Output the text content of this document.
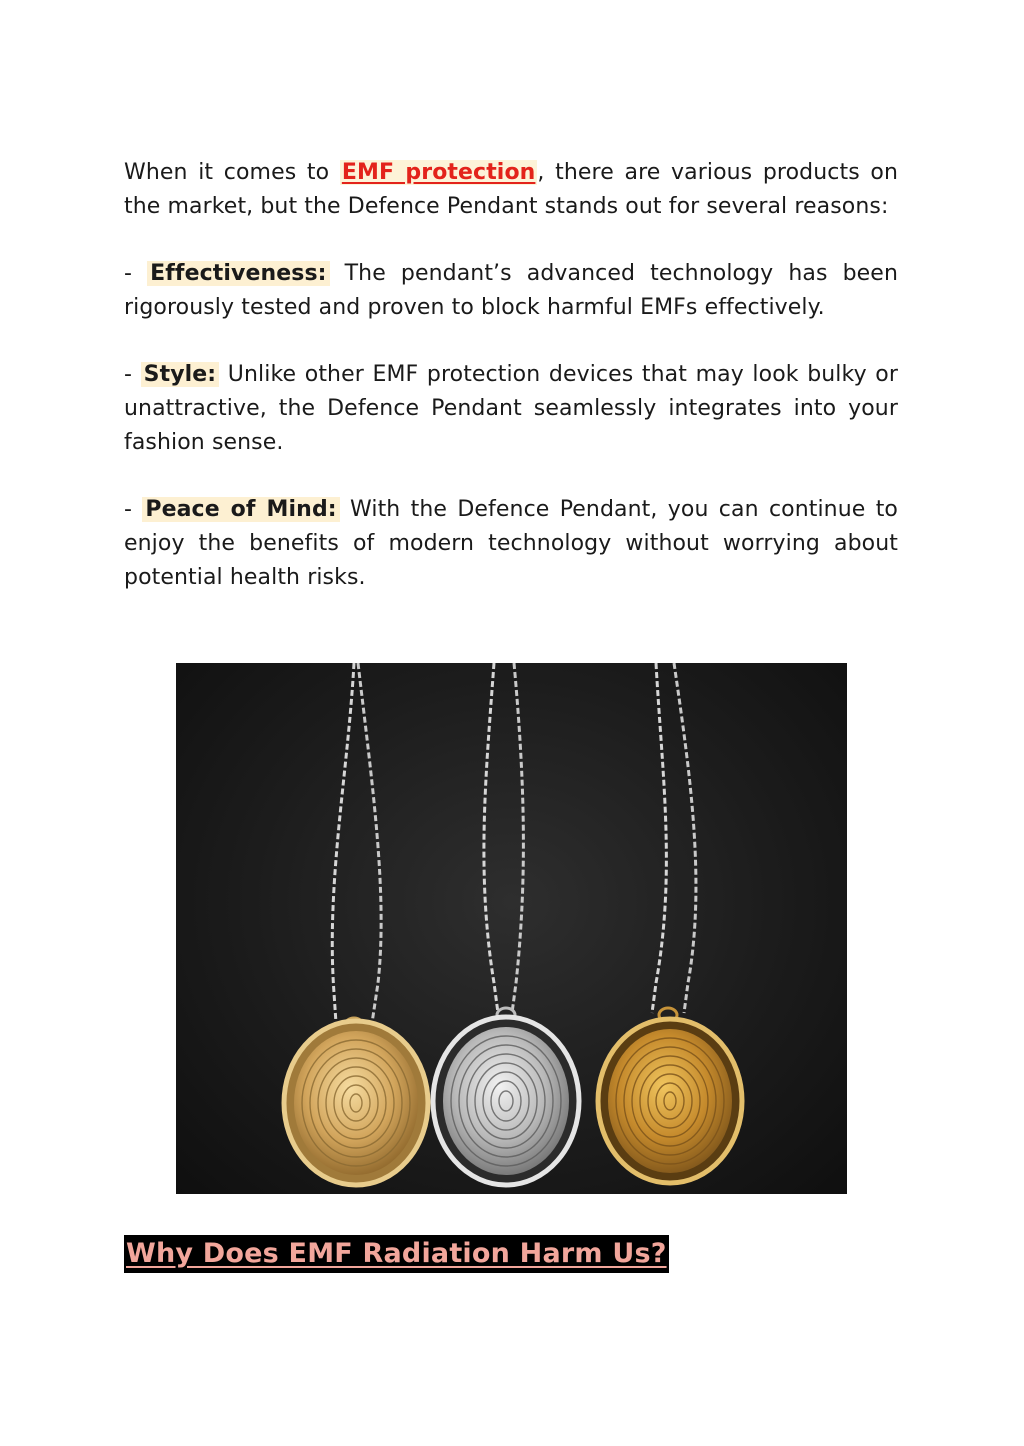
When it comes to EMF protection, there are various products on the market, but the Defence Pendant stands out for several reasons:

- Effectiveness: The pendant’s advanced technology has been rigorously tested and proven to block harmful EMFs effectively.

- Style: Unlike other EMF protection devices that may look bulky or unattractive, the Defence Pendant seamlessly integrates into your fashion sense.

- Peace of Mind: With the Defence Pendant, you can continue to enjoy the benefits of modern technology without worrying about potential health risks.

Why Does EMF Radiation Harm Us?
